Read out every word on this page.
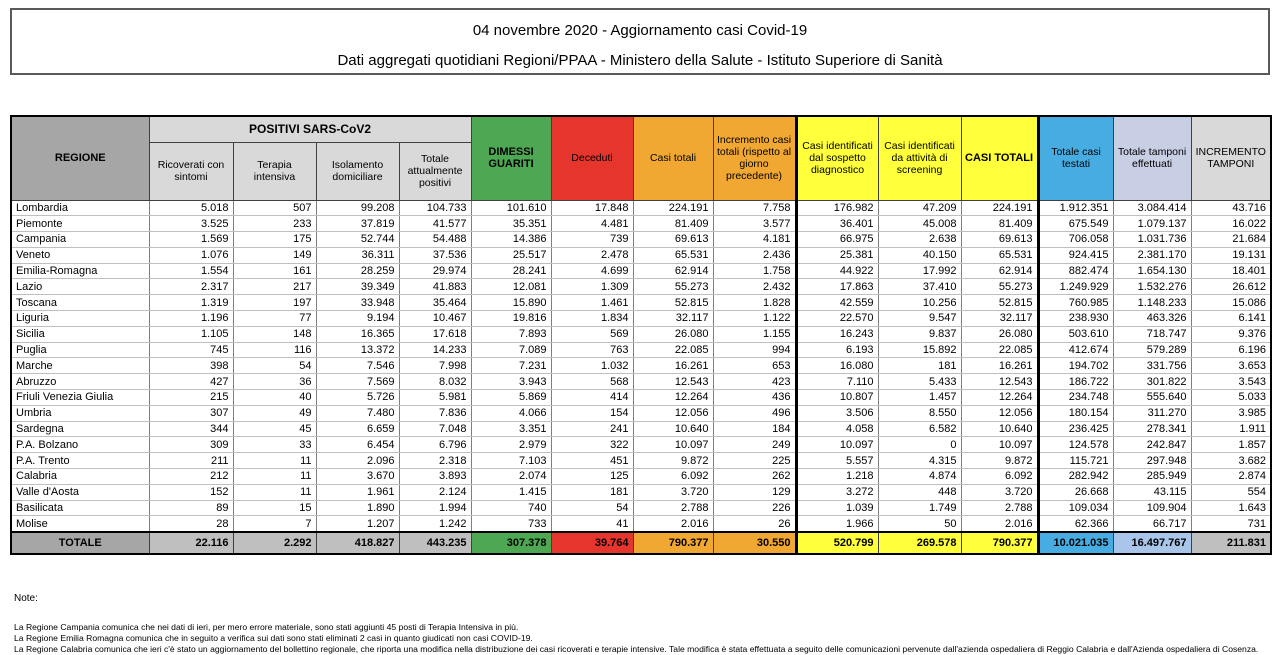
04 novembre 2020 - Aggiornamento casi Covid-19
Dati aggregati quotidiani Regioni/PPAA - Ministero della Salute - Istituto Superiore di Sanità
REGIONE	POSITIVI SARS-CoV2				DIMESSI GUARITI	Deceduti	Casi totali	Incremento casi totali (rispetto al giorno precedente)	Casi identificati dal sospetto diagnostico	Casi identificati da attività di screening	CASI TOTALI	Totale casi testati	Totale tamponi effettuati	INCREMENTO TAMPONI
	Ricoverati con sintomi	Terapia intensiva	Isolamento domiciliare	Totale attualmente positivi										
Lombardia	5.018	507	99.208	104.733	101.610	17.848	224.191	7.758	176.982	47.209	224.191	1.912.351	3.084.414	43.716
Piemonte	3.525	233	37.819	41.577	35.351	4.481	81.409	3.577	36.401	45.008	81.409	675.549	1.079.137	16.022
Campania	1.569	175	52.744	54.488	14.386	739	69.613	4.181	66.975	2.638	69.613	706.058	1.031.736	21.684
Veneto	1.076	149	36.311	37.536	25.517	2.478	65.531	2.436	25.381	40.150	65.531	924.415	2.381.170	19.131
Emilia-Romagna	1.554	161	28.259	29.974	28.241	4.699	62.914	1.758	44.922	17.992	62.914	882.474	1.654.130	18.401
Lazio	2.317	217	39.349	41.883	12.081	1.309	55.273	2.432	17.863	37.410	55.273	1.249.929	1.532.276	26.612
Toscana	1.319	197	33.948	35.464	15.890	1.461	52.815	1.828	42.559	10.256	52.815	760.985	1.148.233	15.086
Liguria	1.196	77	9.194	10.467	19.816	1.834	32.117	1.122	22.570	9.547	32.117	238.930	463.326	6.141
Sicilia	1.105	148	16.365	17.618	7.893	569	26.080	1.155	16.243	9.837	26.080	503.610	718.747	9.376
Puglia	745	116	13.372	14.233	7.089	763	22.085	994	6.193	15.892	22.085	412.674	579.289	6.196
Marche	398	54	7.546	7.998	7.231	1.032	16.261	653	16.080	181	16.261	194.702	331.756	3.653
Abruzzo	427	36	7.569	8.032	3.943	568	12.543	423	7.110	5.433	12.543	186.722	301.822	3.543
Friuli Venezia Giulia	215	40	5.726	5.981	5.869	414	12.264	436	10.807	1.457	12.264	234.748	555.640	5.033
Umbria	307	49	7.480	7.836	4.066	154	12.056	496	3.506	8.550	12.056	180.154	311.270	3.985
Sardegna	344	45	6.659	7.048	3.351	241	10.640	184	4.058	6.582	10.640	236.425	278.341	1.911
P.A. Bolzano	309	33	6.454	6.796	2.979	322	10.097	249	10.097	0	10.097	124.578	242.847	1.857
P.A. Trento	211	11	2.096	2.318	7.103	451	9.872	225	5.557	4.315	9.872	115.721	297.948	3.682
Calabria	212	11	3.670	3.893	2.074	125	6.092	262	1.218	4.874	6.092	282.942	285.949	2.874
Valle d'Aosta	152	11	1.961	2.124	1.415	181	3.720	129	3.272	448	3.720	26.668	43.115	554
Basilicata	89	15	1.890	1.994	740	54	2.788	226	1.039	1.749	2.788	109.034	109.904	1.643
Molise	28	7	1.207	1.242	733	41	2.016	26	1.966	50	2.016	62.366	66.717	731
TOTALE	22.116	2.292	418.827	443.235	307.378	39.764	790.377	30.550	520.799	269.578	790.377	10.021.035	16.497.767	211.831
Note:
La Regione Campania comunica che nei dati di ieri, per mero errore materiale, sono stati aggiunti 45 posti di Terapia Intensiva in più.
La Regione Emilia Romagna comunica che in seguito a verifica sui dati sono stati eliminati 2 casi in quanto giudicati non casi COVID-19.
La Regione Calabria comunica che ieri c'è stato un aggiornamento del bollettino regionale, che riporta una modifica nella distribuzione dei casi ricoverati e terapie intensive. Tale modifica è stata effettuata a seguito delle comunicazioni pervenute dall'azienda ospedaliera di Reggio Calabria e dall'Azienda ospedaliera di Cosenza.
